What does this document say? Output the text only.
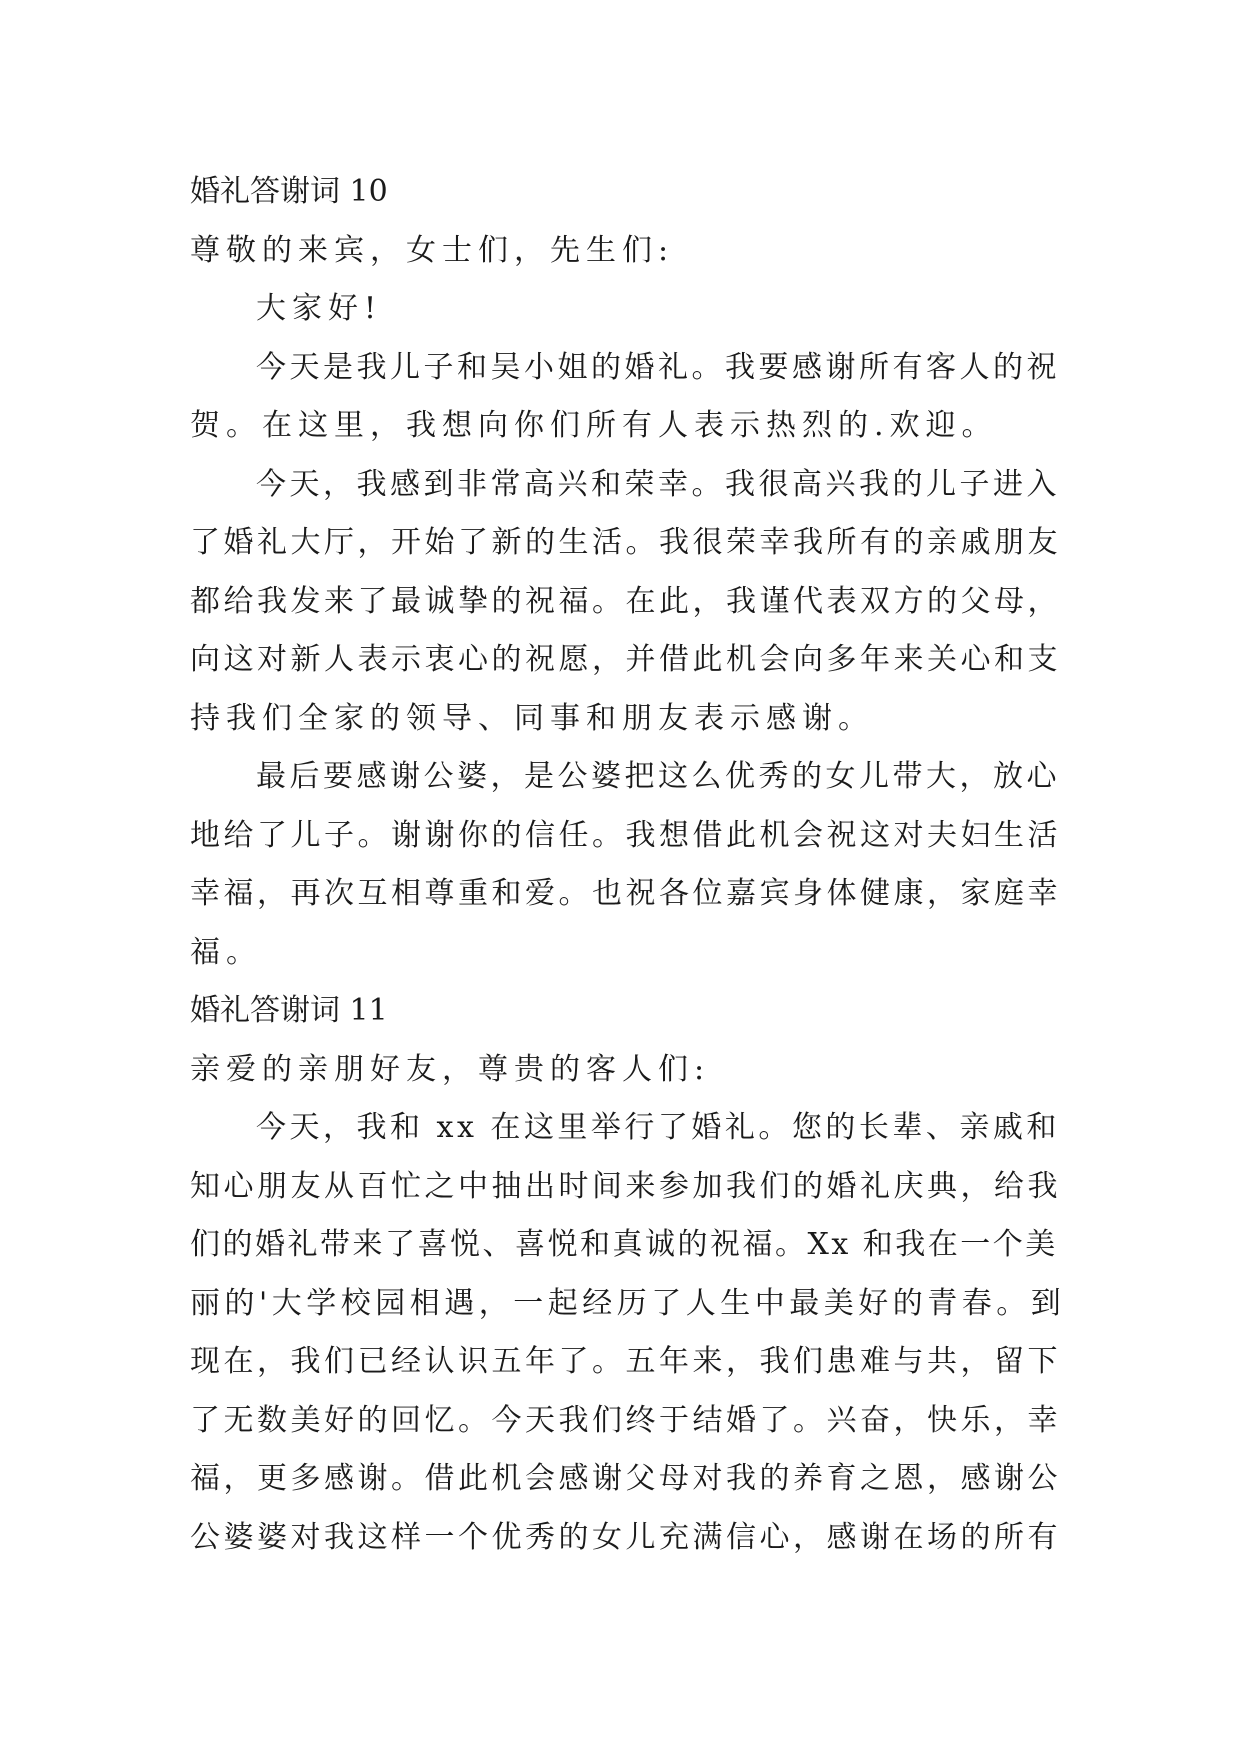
婚礼答谢词 10

尊敬的来宾，女士们，先生们:

大家好!

今天是我儿子和吴小姐的婚礼。我要感谢所有客人的祝

贺。在这里，我想向你们所有人表示热烈的.欢迎。

今天，我感到非常高兴和荣幸。我很高兴我的儿子进入

了婚礼大厅，开始了新的生活。我很荣幸我所有的亲戚朋友

都给我发来了最诚挚的祝福。在此，我谨代表双方的父母，

向这对新人表示衷心的祝愿，并借此机会向多年来关心和支

持我们全家的领导、同事和朋友表示感谢。

最后要感谢公婆，是公婆把这么优秀的女儿带大，放心

地给了儿子。谢谢你的信任。我想借此机会祝这对夫妇生活

幸福，再次互相尊重和爱。也祝各位嘉宾身体健康，家庭幸

福。

婚礼答谢词 11

亲爱的亲朋好友，尊贵的客人们:

今天，我和 xx 在这里举行了婚礼。您的长辈、亲戚和

知心朋友从百忙之中抽出时间来参加我们的婚礼庆典，给我

们的婚礼带来了喜悦、喜悦和真诚的祝福。Xx 和我在一个美

丽的'大学校园相遇，一起经历了人生中最美好的青春。到

现在，我们已经认识五年了。五年来，我们患难与共，留下

了无数美好的回忆。今天我们终于结婚了。兴奋，快乐，幸

福，更多感谢。借此机会感谢父母对我的养育之恩，感谢公

公婆婆对我这样一个优秀的女儿充满信心，感谢在场的所有
